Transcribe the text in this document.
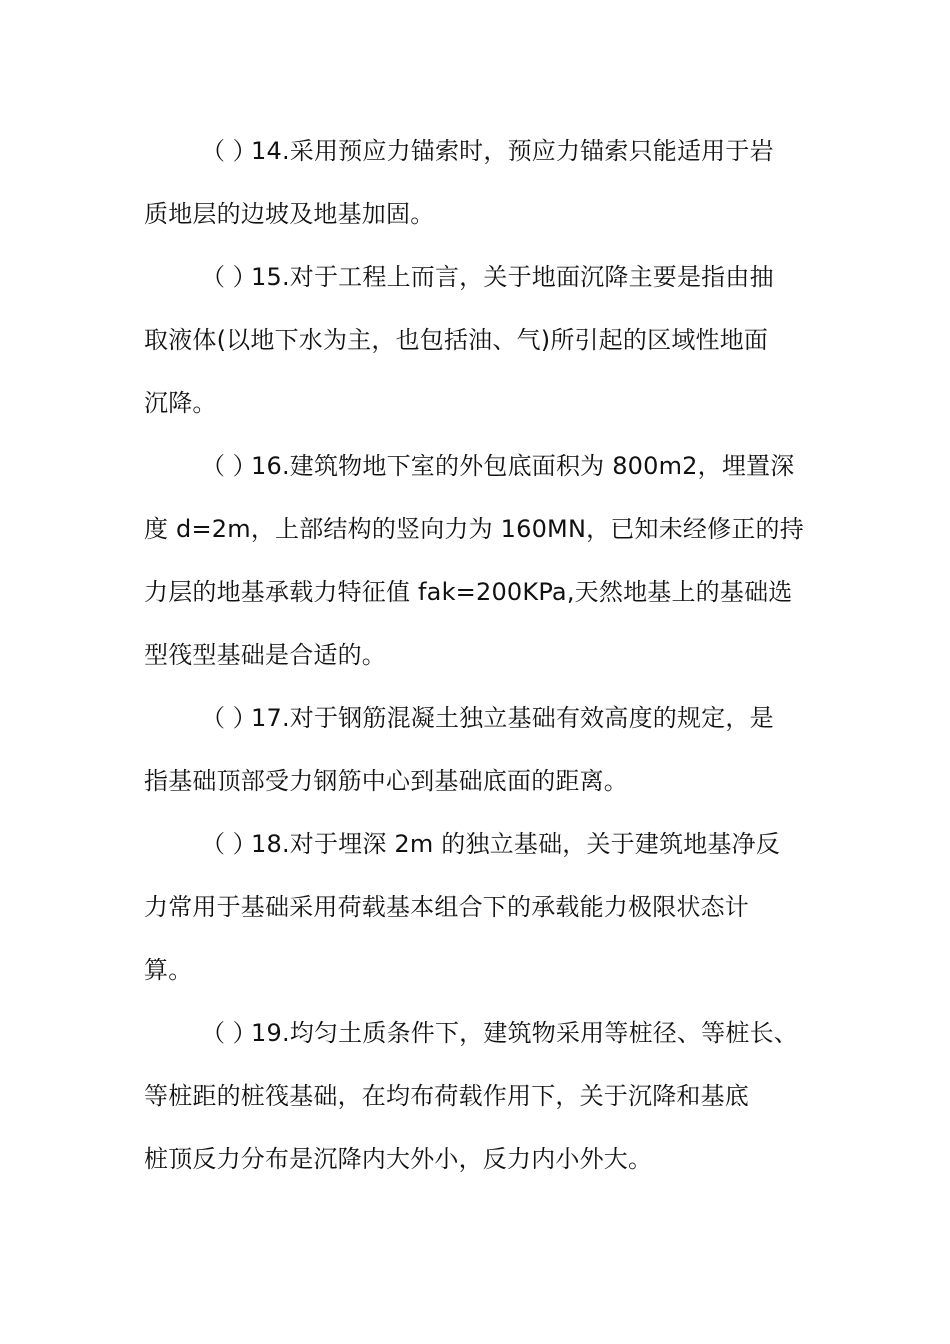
（ ）14.采用预应力锚索时，预应力锚索只能适用于岩
质地层的边坡及地基加固。
（ ）15.对于工程上而言，关于地面沉降主要是指由抽
取液体(以地下水为主，也包括油、气)所引起的区域性地面
沉降。
（ ）16.建筑物地下室的外包底面积为 800m2，埋置深
度 d=2m，上部结构的竖向力为 160MN，已知未经修正的持
力层的地基承载力特征值 fak=200KPa,天然地基上的基础选
型筏型基础是合适的。
（ ）17.对于钢筋混凝土独立基础有效高度的规定，是
指基础顶部受力钢筋中心到基础底面的距离。
（ ）18.对于埋深 2m 的独立基础，关于建筑地基净反
力常用于基础采用荷载基本组合下的承载能力极限状态计
算。
（ ）19.均匀土质条件下，建筑物采用等桩径、等桩长、
等桩距的桩筏基础，在均布荷载作用下，关于沉降和基底
桩顶反力分布是沉降内大外小，反力内小外大。
